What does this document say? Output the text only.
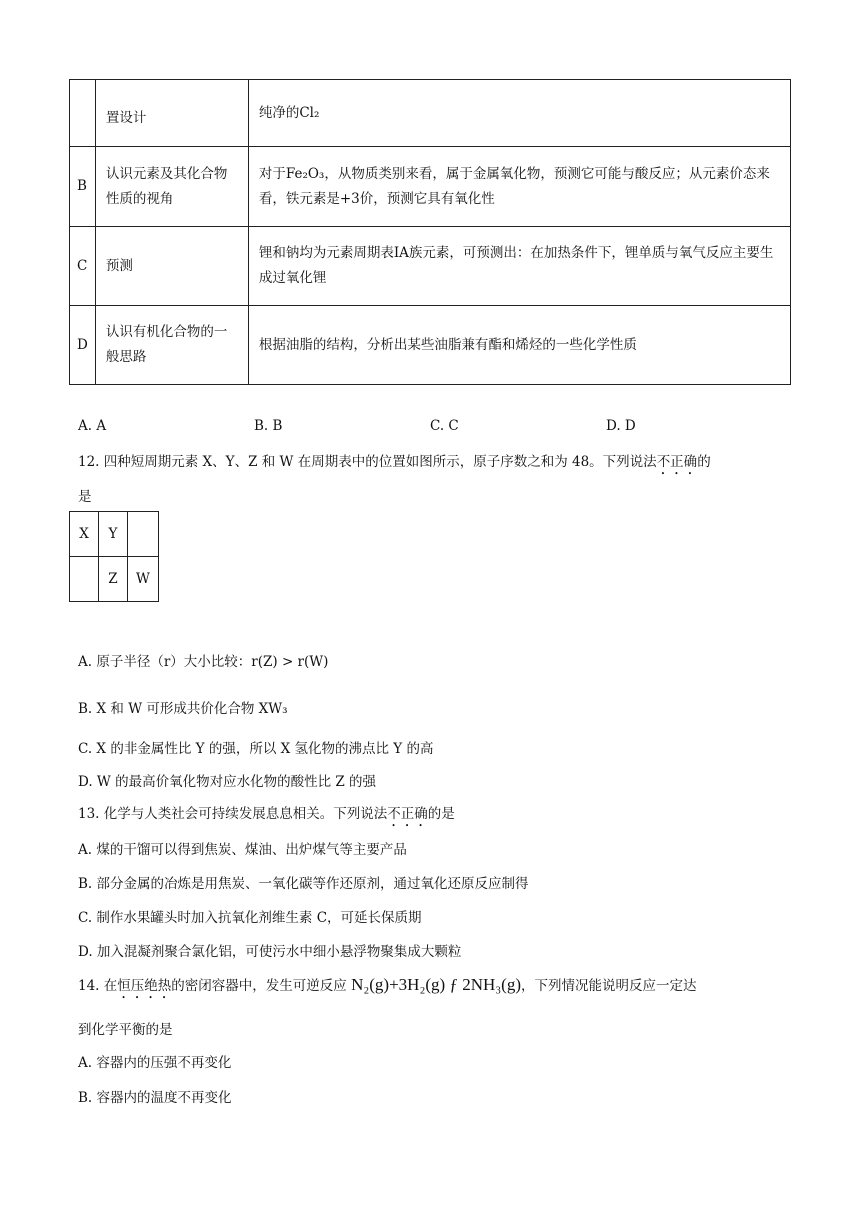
	置设计	纯净的Cl₂
B	认识元素及其化合物性质的视角	对于Fe₂O₃，从物质类别来看，属于金属氧化物，预测它可能与酸反应；从元素价态来看，铁元素是+3价，预测它具有氧化性
C	预测	锂和钠均为元素周期表ⅠA族元素，可预测出：在加热条件下，锂单质与氧气反应主要生成过氧化锂
D	认识有机化合物的一般思路	根据油脂的结构，分析出某些油脂兼有酯和烯烃的一些化学性质
A. A	B. B	C. C	D. D
12. 四种短周期元素 X、Y、Z 和 W 在周期表中的位置如图所示，原子序数之和为 48。下列说法不正确的
是
X	Y	
	Z	W
A. 原子半径（r）大小比较：r(Z) > r(W)
B. X 和 W 可形成共价化合物 XW₃
C. X 的非金属性比 Y 的强，所以 X 氢化物的沸点比 Y 的高
D. W 的最高价氧化物对应水化物的酸性比 Z 的强
13. 化学与人类社会可持续发展息息相关。下列说法不正确的是
A. 煤的干馏可以得到焦炭、煤油、出炉煤气等主要产品
B. 部分金属的冶炼是用焦炭、一氧化碳等作还原剂，通过氧化还原反应制得
C. 制作水果罐头时加入抗氧化剂维生素 C，可延长保质期
D. 加入混凝剂聚合氯化铝，可使污水中细小悬浮物聚集成大颗粒
14. 在恒压绝热的密闭容器中，发生可逆反应 N₂(g)+3H₂(g) ƒ 2NH₃(g)，下列情况能说明反应一定达
到化学平衡的是
A. 容器内的压强不再变化
B. 容器内的温度不再变化
